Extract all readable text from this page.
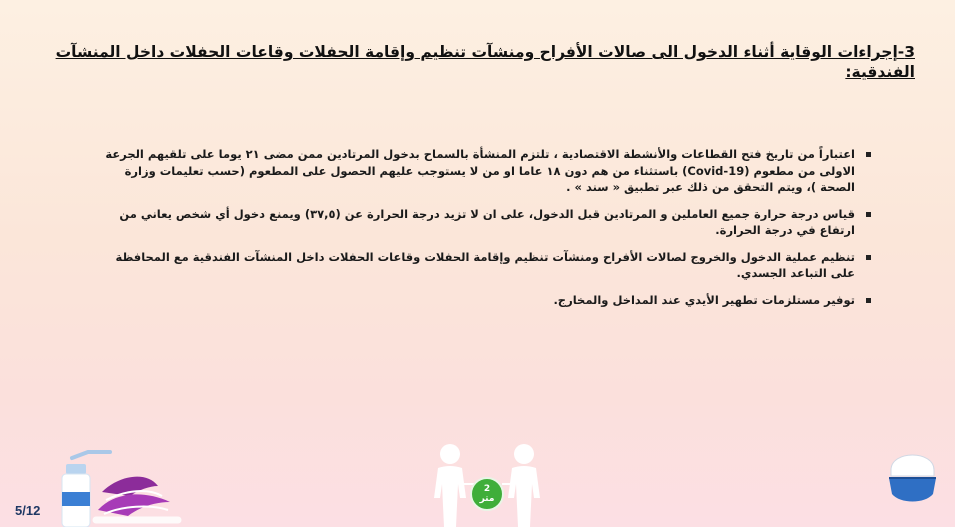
3-إجراءات الوقاية أثناء الدخول الى صالات الأفراح ومنشآت تنظيم وإقامة الحفلات وقاعات الحفلات داخل المنشآت الفندقية:
اعتباراً من تاريخ فتح القطاعات والأنشطة الاقتصادية ، تلتزم المنشأة بالسماح بدخول المرتادين ممن مضى ٢١ يوما على تلقيهم الجرعة الاولى من مطعوم (Covid-19) باستثناء من هم دون ١٨ عاما او من لا يستوجب عليهم الحصول على المطعوم (حسب تعليمات وزارة الصحة )، ويتم التحقق من ذلك عبر تطبيق « سند » .
قياس درجة حرارة جميع العاملين و المرتادين قبل الدخول، على ان لا تزيد درجة الحرارة عن (٣٧,٥) ويمنع دخول أي شخص يعاني من ارتفاع في درجة الحرارة.
تنظيم عملية الدخول والخروج لصالات الأفراح ومنشآت تنظيم وإقامة الحفلات وقاعات الحفلات داخل المنشآت الفندقية مع المحافظة على التباعد الجسدي.
توفير مستلزمات تطهير الأيدي عند المداخل والمخارج.
2
متر
5/12
